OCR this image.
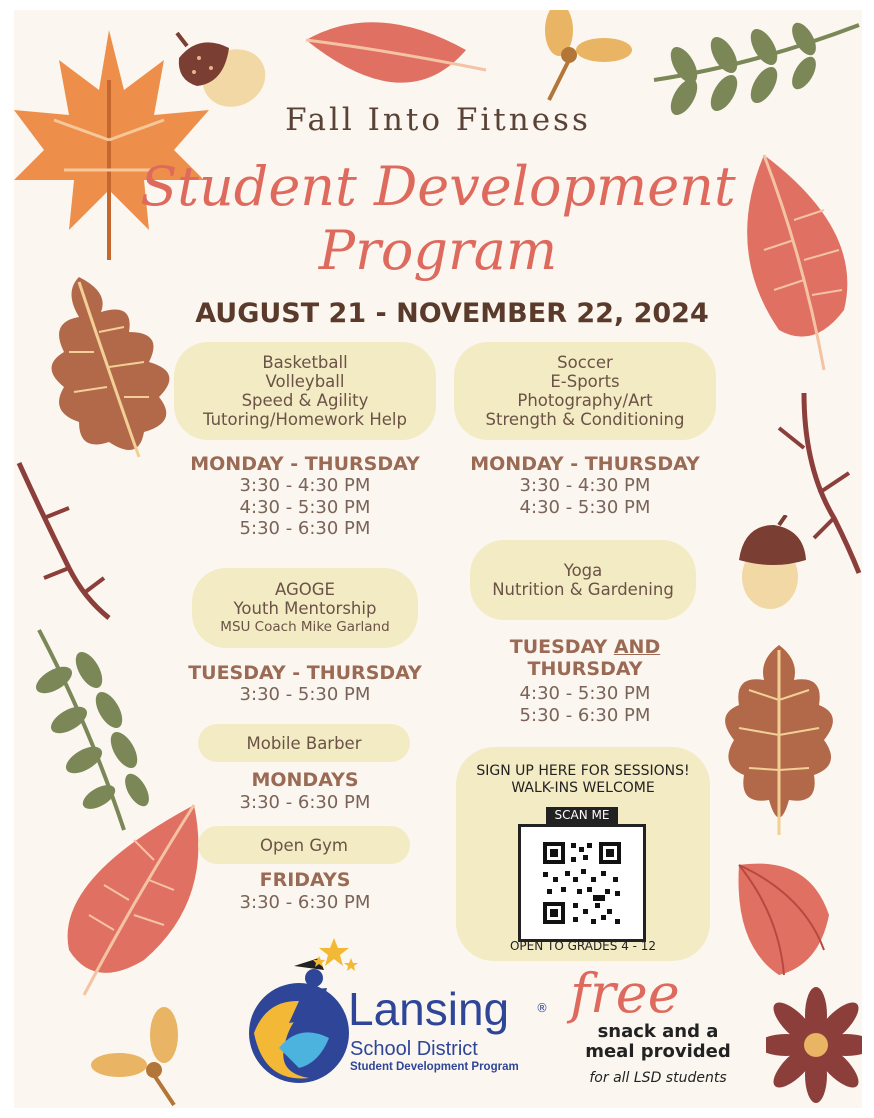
Fall Into Fitness
Student Development
Program
AUGUST 21 - NOVEMBER 22, 2024
Basketball
Volleyball
Speed & Agility
Tutoring/Homework Help
MONDAY - THURSDAY
3:30 - 4:30 PM
4:30 - 5:30 PM
5:30 - 6:30 PM
Soccer
E-Sports
Photography/Art
Strength & Conditioning
MONDAY - THURSDAY
3:30 - 4:30 PM
4:30 - 5:30 PM
AGOGE
Youth Mentorship
MSU Coach Mike Garland
TUESDAY - THURSDAY
3:30 - 5:30 PM
Yoga
Nutrition & Gardening
TUESDAY AND
THURSDAY
4:30 - 5:30 PM
5:30 - 6:30 PM
Mobile Barber
MONDAYS
3:30 - 6:30 PM
Open Gym
FRIDAYS
3:30 - 6:30 PM
SIGN UP HERE FOR SESSIONS!
WALK-INS WELCOME
SCAN ME
OPEN TO GRADES 4 - 12
Lansing ®
School District
Student Development Program
free
snack and a
meal provided
for all LSD students
